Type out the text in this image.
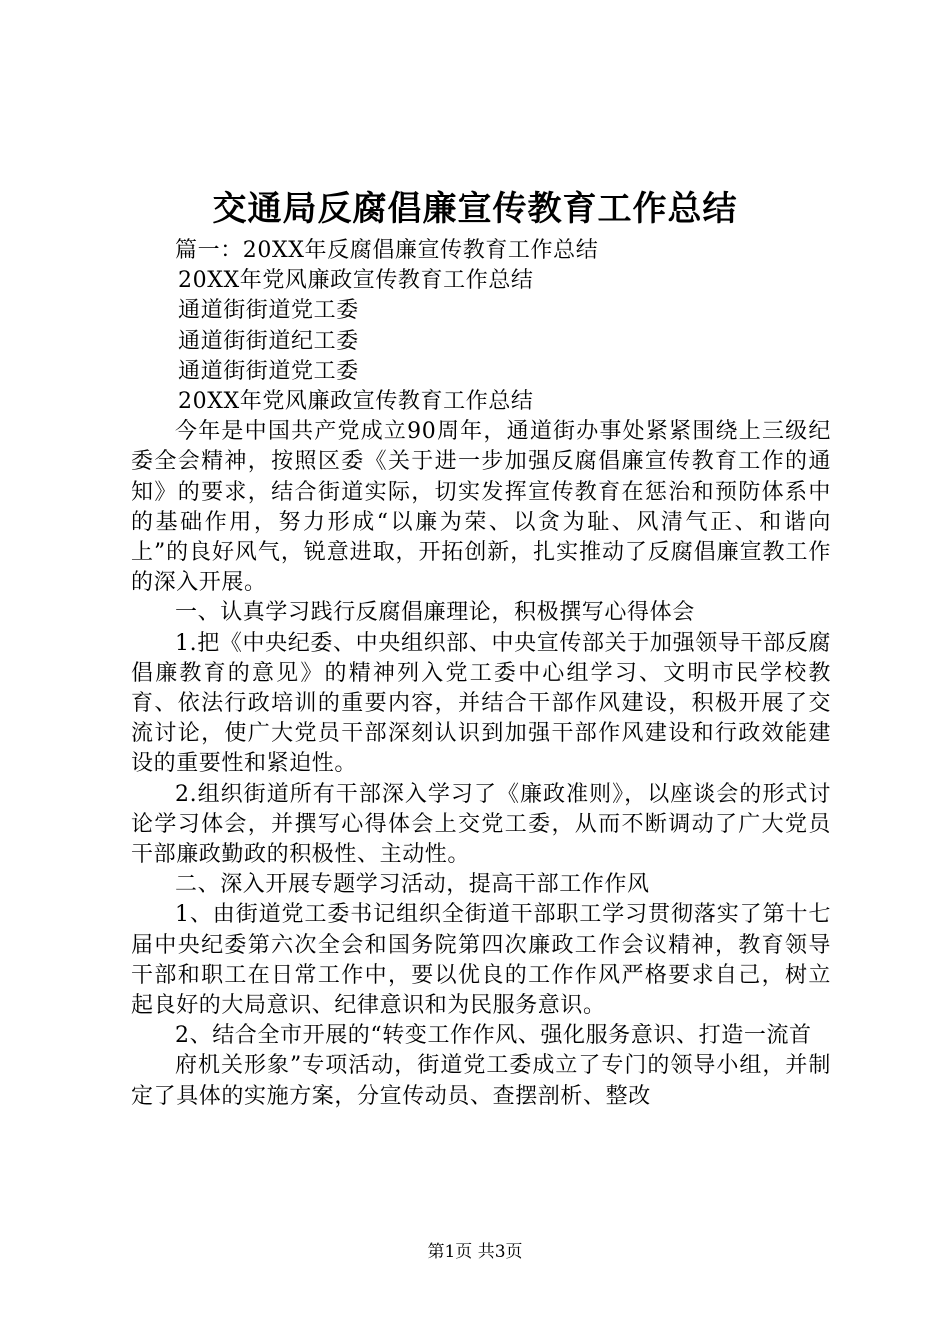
交通局反腐倡廉宣传教育工作总结
篇一：20XX年反腐倡廉宣传教育工作总结
20XX年党风廉政宣传教育工作总结
通道街街道党工委
通道街街道纪工委
通道街街道党工委
20XX年党风廉政宣传教育工作总结

今年是中国共产党成立90周年，通道街办事处紧紧围绕上三级纪委全会精神，按照区委《关于进一步加强反腐倡廉宣传教育工作的通知》的要求，结合街道实际，切实发挥宣传教育在惩治和预防体系中的基础作用，努力形成“以廉为荣、以贪为耻、风清气正、和谐向上”的良好风气，锐意进取，开拓创新，扎实推动了反腐倡廉宣教工作的深入开展。

一、认真学习践行反腐倡廉理论，积极撰写心得体会

1.把《中央纪委、中央组织部、中央宣传部关于加强领导干部反腐倡廉教育的意见》的精神列入党工委中心组学习、文明市民学校教育、依法行政培训的重要内容，并结合干部作风建设，积极开展了交流讨论，使广大党员干部深刻认识到加强干部作风建设和行政效能建设的重要性和紧迫性。

2.组织街道所有干部深入学习了《廉政准则》，以座谈会的形式讨论学习体会，并撰写心得体会上交党工委，从而不断调动了广大党员干部廉政勤政的积极性、主动性。

二、深入开展专题学习活动，提高干部工作作风

1、由街道党工委书记组织全街道干部职工学习贯彻落实了第十七届中央纪委第六次全会和国务院第四次廉政工作会议精神，教育领导干部和职工在日常工作中，要以优良的工作作风严格要求自己，树立起良好的大局意识、纪律意识和为民服务意识。

2、结合全市开展的“转变工作作风、强化服务意识、打造一流首

府机关形象”专项活动，街道党工委成立了专门的领导小组，并制定了具体的实施方案，分宣传动员、查摆剖析、整改

第1页 共3页
